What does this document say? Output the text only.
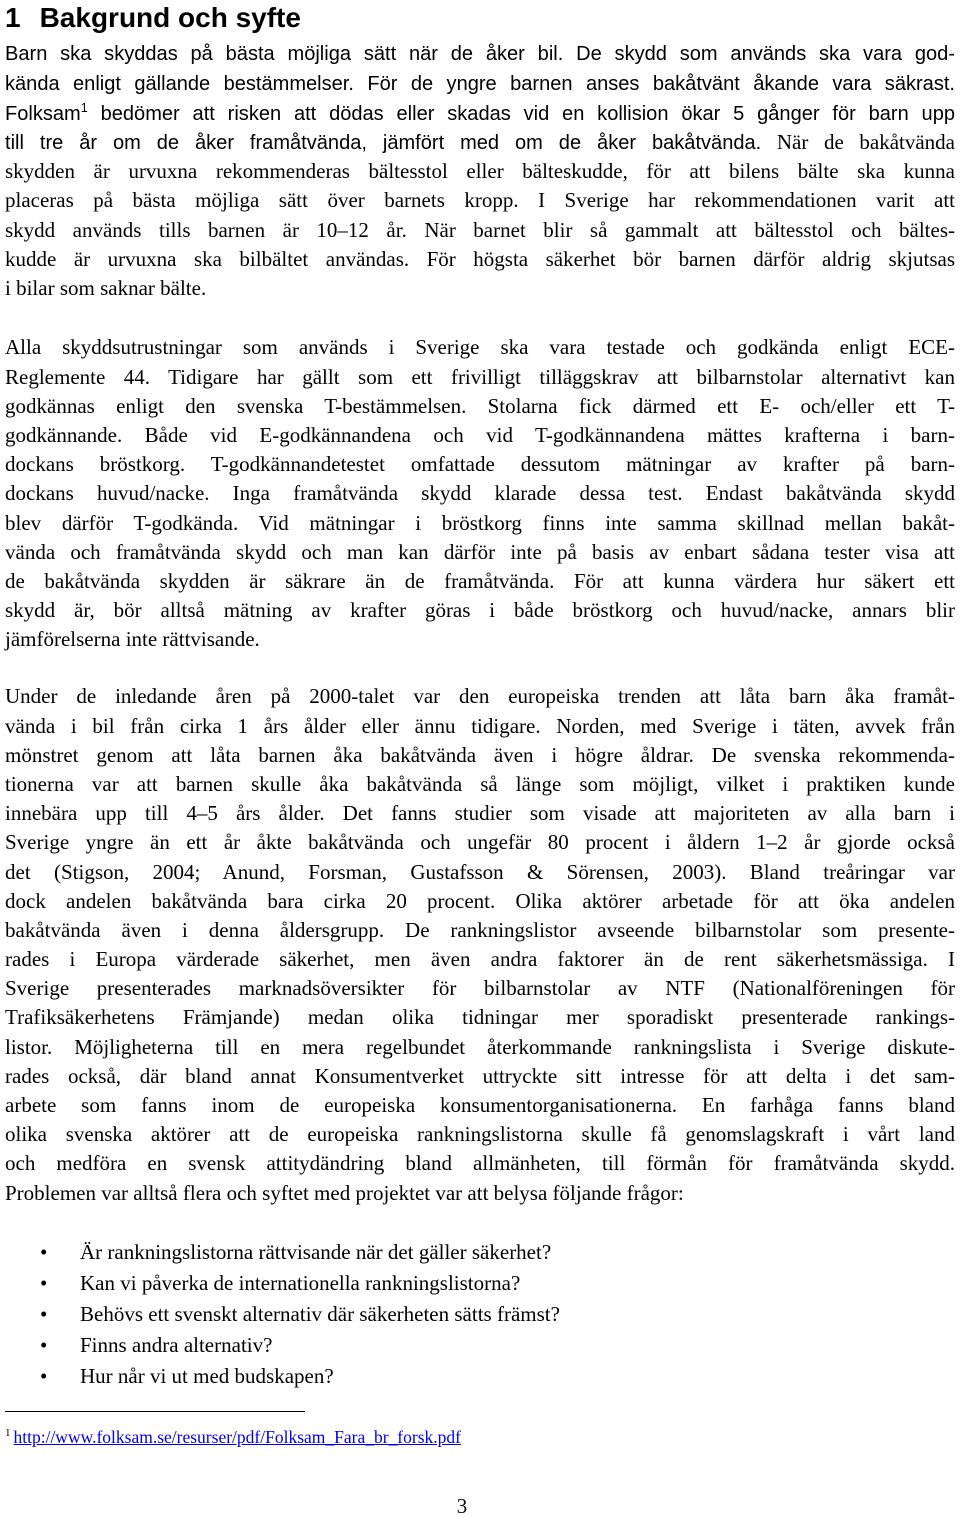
1 Bakgrund och syfte
Barn ska skyddas på bästa möjliga sätt när de åker bil. De skydd som används ska vara god-
kända enligt gällande bestämmelser. För de yngre barnen anses bakåtvänt åkande vara säkrast.
Folksam$^1$ bedömer att risken att dödas eller skadas vid en kollision ökar 5 gånger för barn upp
till tre år om de åker framåtvända, jämfört med om de åker bakåtvända. När de bakåtvända
skydden är urvuxna rekommenderas bältesstol eller bälteskudde, för att bilens bälte ska kunna
placeras på bästa möjliga sätt över barnets kropp. I Sverige har rekommendationen varit att
skydd används tills barnen är 10–12 år. När barnet blir så gammalt att bältesstol och bältes-
kudde är urvuxna ska bilbältet användas. För högsta säkerhet bör barnen därför aldrig skjutsas
i bilar som saknar bälte.
Alla skyddsutrustningar som används i Sverige ska vara testade och godkända enligt ECE-
Reglemente 44. Tidigare har gällt som ett frivilligt tilläggskrav att bilbarnstolar alternativt kan
godkännas enligt den svenska T-bestämmelsen. Stolarna fick därmed ett E- och/eller ett T-
godkännande. Både vid E-godkännandena och vid T-godkännandena mättes krafterna i barn-
dockans bröstkorg. T-godkännandetestet omfattade dessutom mätningar av krafter på barn-
dockans huvud/nacke. Inga framåtvända skydd klarade dessa test. Endast bakåtvända skydd
blev därför T-godkända. Vid mätningar i bröstkorg finns inte samma skillnad mellan bakåt-
vända och framåtvända skydd och man kan därför inte på basis av enbart sådana tester visa att
de bakåtvända skydden är säkrare än de framåtvända. För att kunna värdera hur säkert ett
skydd är, bör alltså mätning av krafter göras i både bröstkorg och huvud/nacke, annars blir
jämförelserna inte rättvisande.
Under de inledande åren på 2000-talet var den europeiska trenden att låta barn åka framåt-
vända i bil från cirka 1 års ålder eller ännu tidigare. Norden, med Sverige i täten, avvek från
mönstret genom att låta barnen åka bakåtvända även i högre åldrar. De svenska rekommenda-
tionerna var att barnen skulle åka bakåtvända så länge som möjligt, vilket i praktiken kunde
innebära upp till 4–5 års ålder. Det fanns studier som visade att majoriteten av alla barn i
Sverige yngre än ett år åkte bakåtvända och ungefär 80 procent i åldern 1–2 år gjorde också
det (Stigson, 2004; Anund, Forsman, Gustafsson & Sörensen, 2003). Bland treåringar var
dock andelen bakåtvända bara cirka 20 procent. Olika aktörer arbetade för att öka andelen
bakåtvända även i denna åldersgrupp. De rankningslistor avseende bilbarnstolar som presente-
rades i Europa värderade säkerhet, men även andra faktorer än de rent säkerhetsmässiga. I
Sverige presenterades marknadsöversikter för bilbarnstolar av NTF (Nationalföreningen för
Trafiksäkerhetens Främjande) medan olika tidningar mer sporadiskt presenterade rankings-
listor. Möjligheterna till en mera regelbundet återkommande rankningslista i Sverige diskute-
rades också, där bland annat Konsumentverket uttryckte sitt intresse för att delta i det sam-
arbete som fanns inom de europeiska konsumentorganisationerna. En farhåga fanns bland
olika svenska aktörer att de europeiska rankningslistorna skulle få genomslagskraft i vårt land
och medföra en svensk attitydändring bland allmänheten, till förmån för framåtvända skydd.
Problemen var alltså flera och syftet med projektet var att belysa följande frågor:
• Är rankningslistorna rättvisande när det gäller säkerhet?
• Kan vi påverka de internationella rankningslistorna?
• Behövs ett svenskt alternativ där säkerheten sätts främst?
• Finns andra alternativ?
• Hur når vi ut med budskapen?
$^1$ http://www.folksam.se/resurser/pdf/Folksam_Fara_br_forsk.pdf
3
